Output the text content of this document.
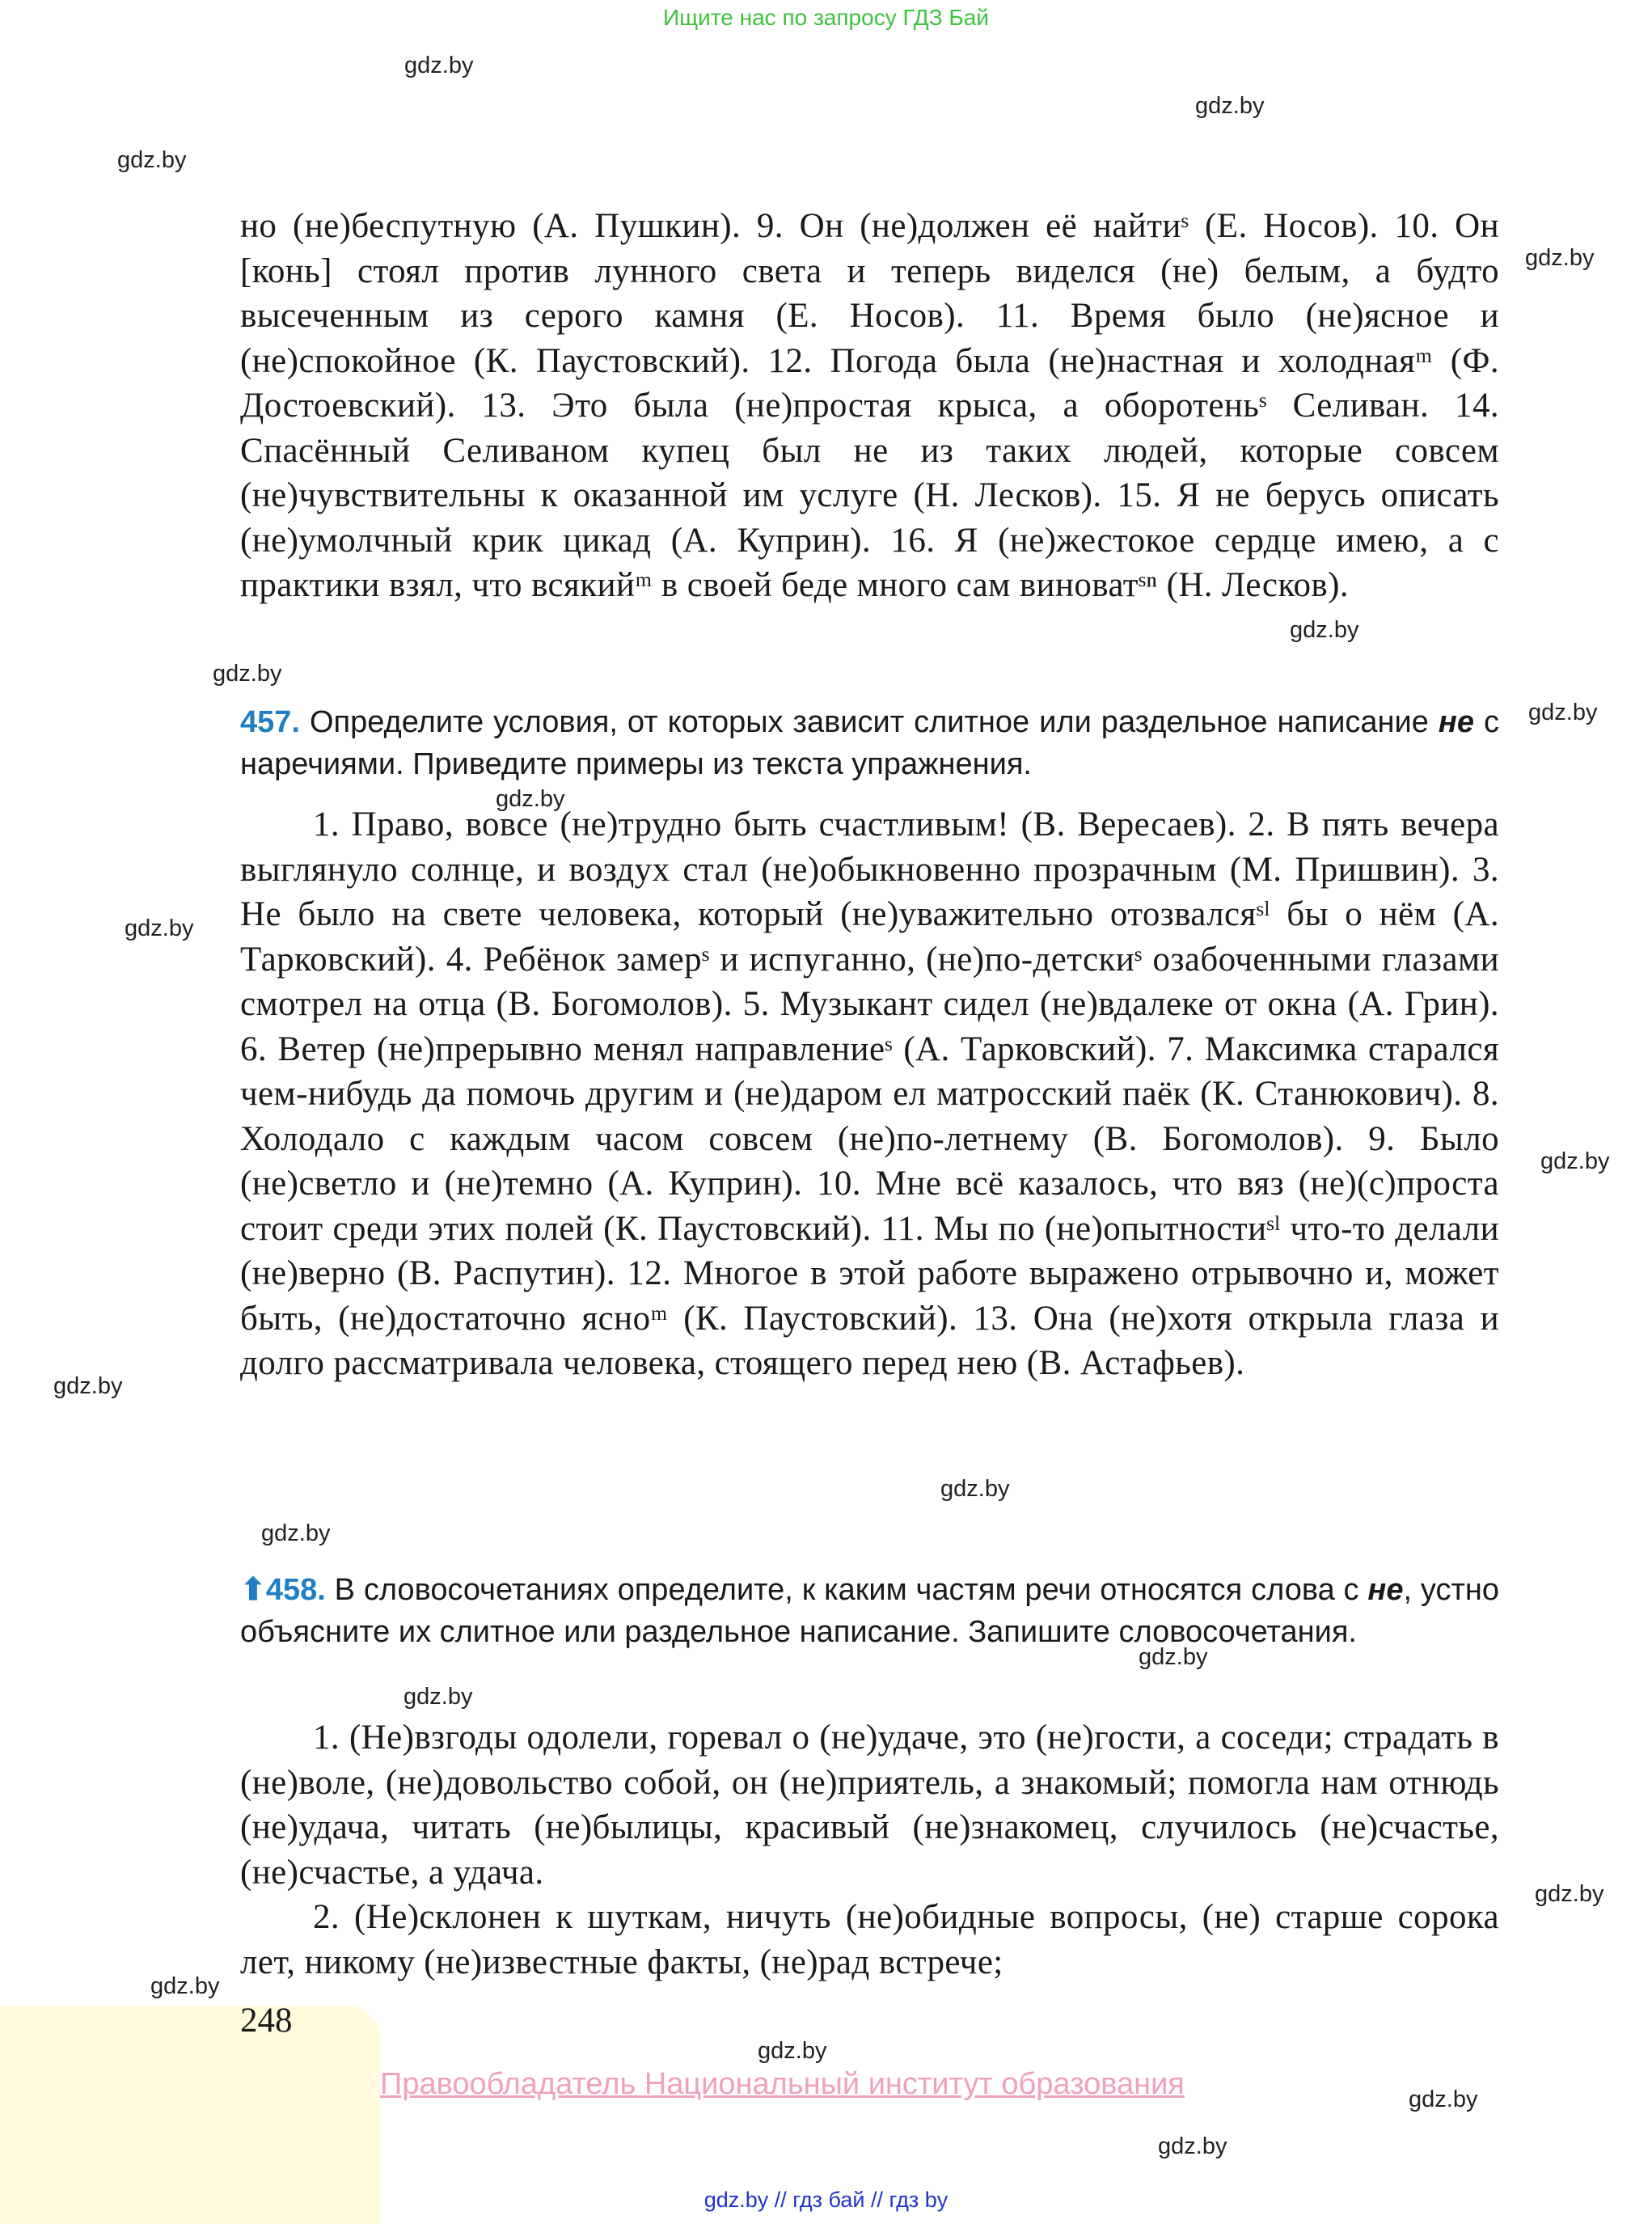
Ищите нас по запросу ГДЗ Бай
gdz.by
gdz.by
gdz.by
gdz.by
gdz.by
gdz.by
gdz.by
gdz.by
gdz.by
gdz.by
gdz.by
gdz.by
gdz.by
gdz.by
gdz.by
gdz.by
gdz.by
gdz.by
gdz.by
gdz.by

но (не)беспутную (А. Пушкин). 9. Он (не)должен её найтиˢ (Е. Носов). 10. Он [конь] стоял против лунного света и теперь виделся (не) белым, а будто высеченным из серого камня (Е. Носов). 11. Время было (не)ясное и (не)спокойное (К. Паустовский). 12. Погода была (не)настная и холоднаяᵐ (Ф. Достоевский). 13. Это была (не)простая крыса, а оборотеньˢ Селиван. 14. Спасённый Селиваном купец был не из таких людей, которые совсем (не)чувствительны к оказанной им услуге (Н. Лесков). 15. Я не берусь описать (не)умолчный крик цикад (А. Куприн). 16. Я (не)жестокое сердце имею, а с практики взял, что всякийᵐ в своей беде много сам виноватˢⁿ (Н. Лесков).

457. Определите условия, от которых зависит слитное или раздельное написание не с наречиями. Приведите примеры из текста упражнения.

1. Право, вовсе (не)трудно быть счастливым! (В. Вересаев). 2. В пять вечера выглянуло солнце, и воздух стал (не)обыкновенно прозрачным (М. Пришвин). 3. Не было на свете человека, который (не)уважительно отозвалсяˢˡ бы о нём (А. Тарковский). 4. Ребёнок замерˢ и испуганно, (не)по-детскиˢ озабоченными глазами смотрел на отца (В. Богомолов). 5. Музыкант сидел (не)вдалеке от окна (А. Грин). 6. Ветер (не)прерывно менял направлениеˢ (А. Тарковский). 7. Максимка старался чем-нибудь да помочь другим и (не)даром ел матросский паёк (К. Станюкович). 8. Холодало с каждым часом совсем (не)по-летнему (В. Богомолов). 9. Было (не)светло и (не)темно (А. Куприн). 10. Мне всё казалось, что вяз (не)(с)проста стоит среди этих полей (К. Паустовский). 11. Мы по (не)опытностиˢˡ что-то делали (не)верно (В. Распутин). 12. Многое в этой работе выражено отрывочно и, может быть, (не)достаточно ясноᵐ (К. Паустовский). 13. Она (не)хотя открыла глаза и долго рассматривала человека, стоящего перед нею (В. Астафьев).

⬆458. В словосочетаниях определите, к каким частям речи относятся слова с не, устно объясните их слитное или раздельное написание. Запишите словосочетания.

1. (Не)взгоды одолели, горевал о (не)удаче, это (не)гости, а соседи; страдать в (не)воле, (не)довольство собой, он (не)приятель, а знакомый; помогла нам отнюдь (не)удача, читать (не)былицы, красивый (не)знакомец, случилось (не)счастье, (не)счастье, а удача.

2. (Не)склонен к шуткам, ничуть (не)обидные вопросы, (не) старше сорока лет, никому (не)известные факты, (не)рад встрече;

248
Правообладатель Национальный институт образования
gdz.by // гдз бай // гдз by
